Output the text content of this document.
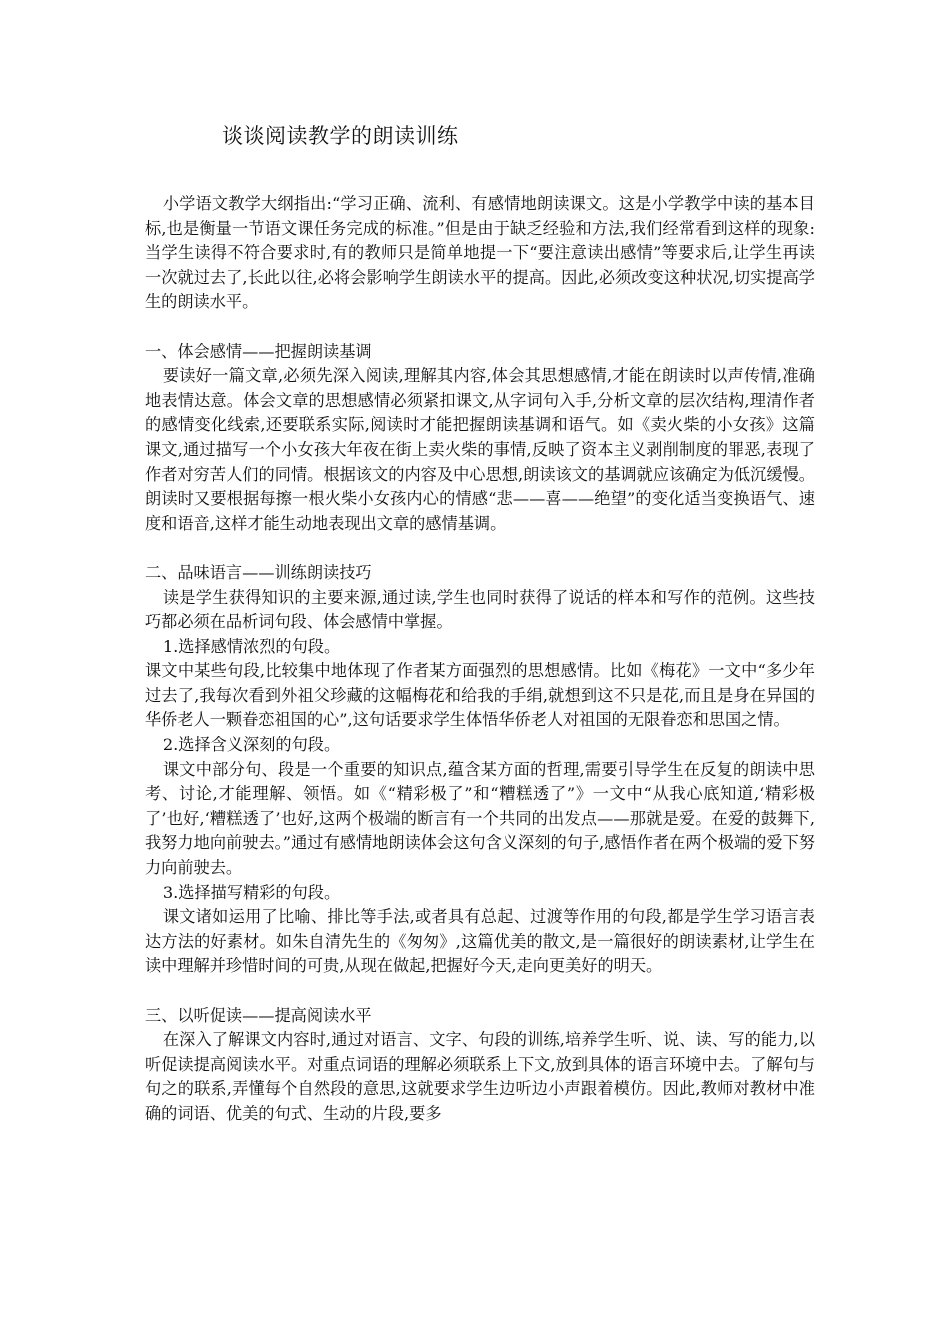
谈谈阅读教学的朗读训练

小学语文教学大纲指出:“学习正确、流利、有感情地朗读课文。这是小学教学中读的基本目标,也是衡量一节语文课任务完成的标准。”但是由于缺乏经验和方法,我们经常看到这样的现象:当学生读得不符合要求时,有的教师只是简单地提一下“要注意读出感情”等要求后,让学生再读一次就过去了,长此以往,必将会影响学生朗读水平的提高。因此,必须改变这种状况,切实提高学生的朗读水平。

一、体会感情——把握朗读基调

要读好一篇文章,必须先深入阅读,理解其内容,体会其思想感情,才能在朗读时以声传情,准确地表情达意。体会文章的思想感情必须紧扣课文,从字词句入手,分析文章的层次结构,理清作者的感情变化线索,还要联系实际,阅读时才能把握朗读基调和语气。如《卖火柴的小女孩》这篇课文,通过描写一个小女孩大年夜在街上卖火柴的事情,反映了资本主义剥削制度的罪恶,表现了作者对穷苦人们的同情。根据该文的内容及中心思想,朗读该文的基调就应该确定为低沉缓慢。朗读时又要根据每擦一根火柴小女孩内心的情感“悲——喜——绝望”的变化适当变换语气、速度和语音,这样才能生动地表现出文章的感情基调。

二、品味语言——训练朗读技巧

读是学生获得知识的主要来源,通过读,学生也同时获得了说话的样本和写作的范例。这些技巧都必须在品析词句段、体会感情中掌握。

1.选择感情浓烈的句段。

课文中某些句段,比较集中地体现了作者某方面强烈的思想感情。比如《梅花》一文中“多少年过去了,我每次看到外祖父珍藏的这幅梅花和给我的手绢,就想到这不只是花,而且是身在异国的华侨老人一颗眷恋祖国的心”,这句话要求学生体悟华侨老人对祖国的无限眷恋和思国之情。

2.选择含义深刻的句段。

课文中部分句、段是一个重要的知识点,蕴含某方面的哲理,需要引导学生在反复的朗读中思考、讨论,才能理解、领悟。如《“精彩极了”和“糟糕透了”》一文中“从我心底知道,‘精彩极了’也好,‘糟糕透了’也好,这两个极端的断言有一个共同的出发点——那就是爱。在爱的鼓舞下,我努力地向前驶去。”通过有感情地朗读体会这句含义深刻的句子,感悟作者在两个极端的爱下努力向前驶去。

3.选择描写精彩的句段。

课文诸如运用了比喻、排比等手法,或者具有总起、过渡等作用的句段,都是学生学习语言表达方法的好素材。如朱自清先生的《匆匆》,这篇优美的散文,是一篇很好的朗读素材,让学生在读中理解并珍惜时间的可贵,从现在做起,把握好今天,走向更美好的明天。

三、以听促读——提高阅读水平

在深入了解课文内容时,通过对语言、文字、句段的训练,培养学生听、说、读、写的能力,以听促读提高阅读水平。对重点词语的理解必须联系上下文,放到具体的语言环境中去。了解句与句之的联系,弄懂每个自然段的意思,这就要求学生边听边小声跟着模仿。因此,教师对教材中准确的词语、优美的句式、生动的片段,要多
